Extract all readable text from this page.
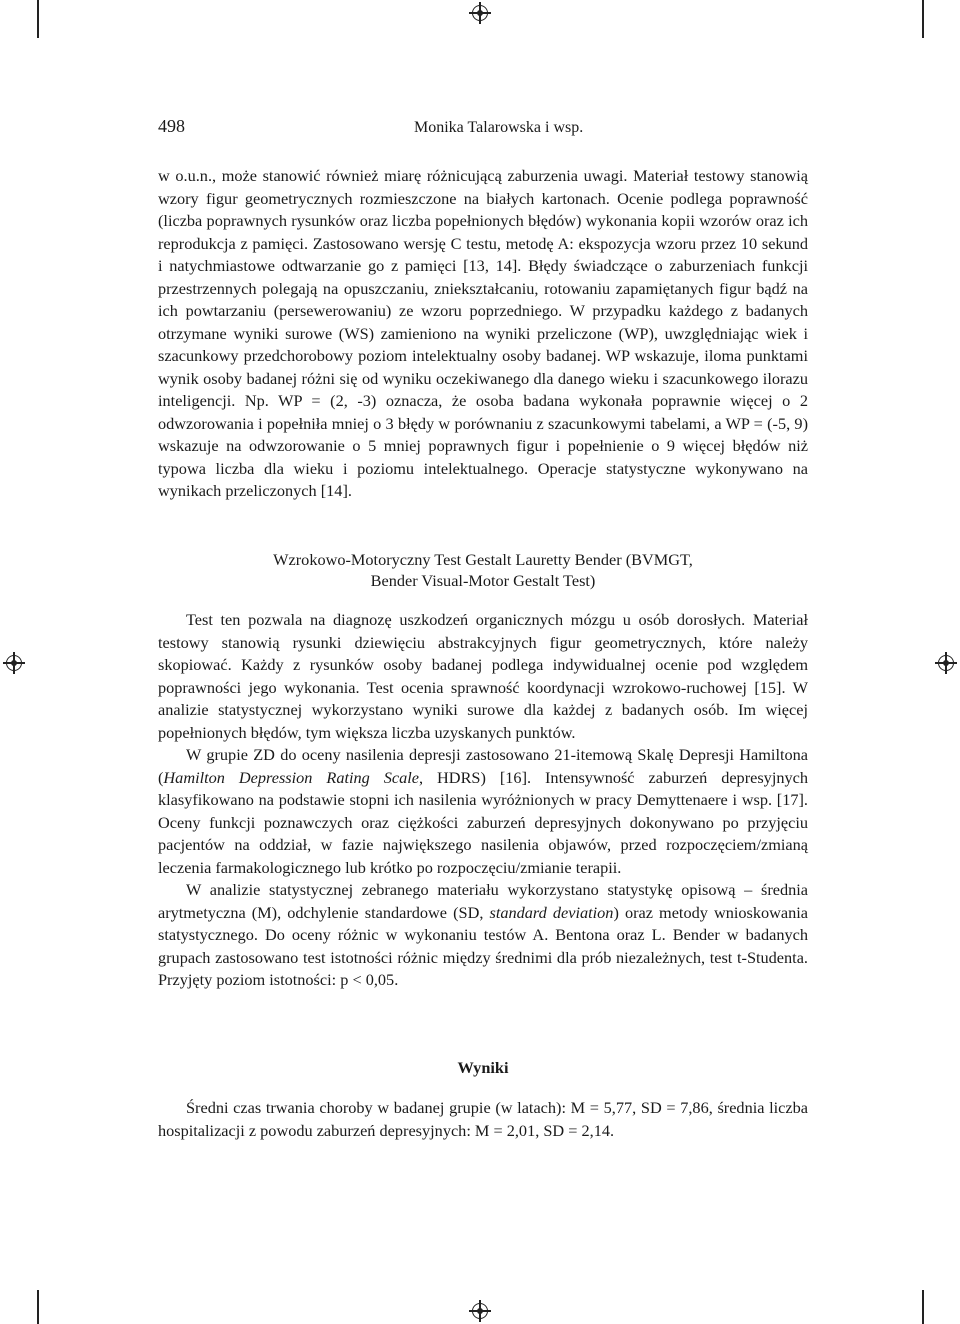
498	Monika Talarowska i wsp.

w o.u.n., może stanowić również miarę różnicującą zaburzenia uwagi. Materiał testowy stanowią wzory figur geometrycznych rozmieszczone na białych kartonach. Ocenie podlega poprawność (liczba poprawnych rysunków oraz liczba popełnionych błędów) wykonania kopii wzorów oraz ich reprodukcja z pamięci. Zastosowano wersję C testu, metodę A: ekspozycja wzoru przez 10 sekund i natychmiastowe odtwarzanie go z pamięci [13, 14]. Błędy świadczące o zaburzeniach funkcji przestrzennych polegają na opuszczaniu, zniekształcaniu, rotowaniu zapamiętanych figur bądź na ich powtarzaniu (persewerowaniu) ze wzoru poprzedniego. W przypadku każdego z badanych otrzymane wyniki surowe (WS) zamieniono na wyniki przeliczone (WP), uwzględniając wiek i szacunkowy przedchorobowy poziom intelektualny osoby badanej. WP wskazuje, iloma punktami wynik osoby badanej różni się od wyniku oczekiwanego dla danego wieku i szacunkowego ilorazu inteligencji. Np. WP = (2, -3) oznacza, że osoba badana wykonała poprawnie więcej o 2 odwzorowania i popełniła mniej o 3 błędy w porównaniu z szacunkowymi tabelami, a WP = (-5, 9) wskazuje na odwzorowanie o 5 mniej poprawnych figur i popełnienie o 9 więcej błędów niż typowa liczba dla wieku i poziomu intelektualnego. Operacje statystyczne wykonywano na wynikach przeliczonych [14].

Wzrokowo-Motoryczny Test Gestalt Lauretty Bender (BVMGT,
Bender Visual-Motor Gestalt Test)

Test ten pozwala na diagnozę uszkodzeń organicznych mózgu u osób dorosłych. Materiał testowy stanowią rysunki dziewięciu abstrakcyjnych figur geometrycznych, które należy skopiować. Każdy z rysunków osoby badanej podlega indywidualnej ocenie pod względem poprawności jego wykonania. Test ocenia sprawność koordynacji wzrokowo-ruchowej [15]. W analizie statystycznej wykorzystano wyniki surowe dla każdej z badanych osób. Im więcej popełnionych błędów, tym większa liczba uzyskanych punktów.

W grupie ZD do oceny nasilenia depresji zastosowano 21-itemową Skalę Depresji Hamiltona (Hamilton Depression Rating Scale, HDRS) [16]. Intensywność zaburzeń depresyjnych klasyfikowano na podstawie stopni ich nasilenia wyróżnionych w pracy Demyttenaere i wsp. [17]. Oceny funkcji poznawczych oraz ciężkości zaburzeń depresyjnych dokonywano po przyjęciu pacjentów na oddział, w fazie największego nasilenia objawów, przed rozpoczęciem/zmianą leczenia farmakologicznego lub krótko po rozpoczęciu/zmianie terapii.

W analizie statystycznej zebranego materiału wykorzystano statystykę opisową – średnia arytmetyczna (M), odchylenie standardowe (SD, standard deviation) oraz metody wnioskowania statystycznego. Do oceny różnic w wykonaniu testów A. Bentona oraz L. Bender w badanych grupach zastosowano test istotności różnic między średnimi dla prób niezależnych, test t-Studenta. Przyjęty poziom istotności: p < 0,05.

Wyniki

Średni czas trwania choroby w badanej grupie (w latach): M = 5,77, SD = 7,86, średnia liczba hospitalizacji z powodu zaburzeń depresyjnych: M = 2,01, SD = 2,14.
